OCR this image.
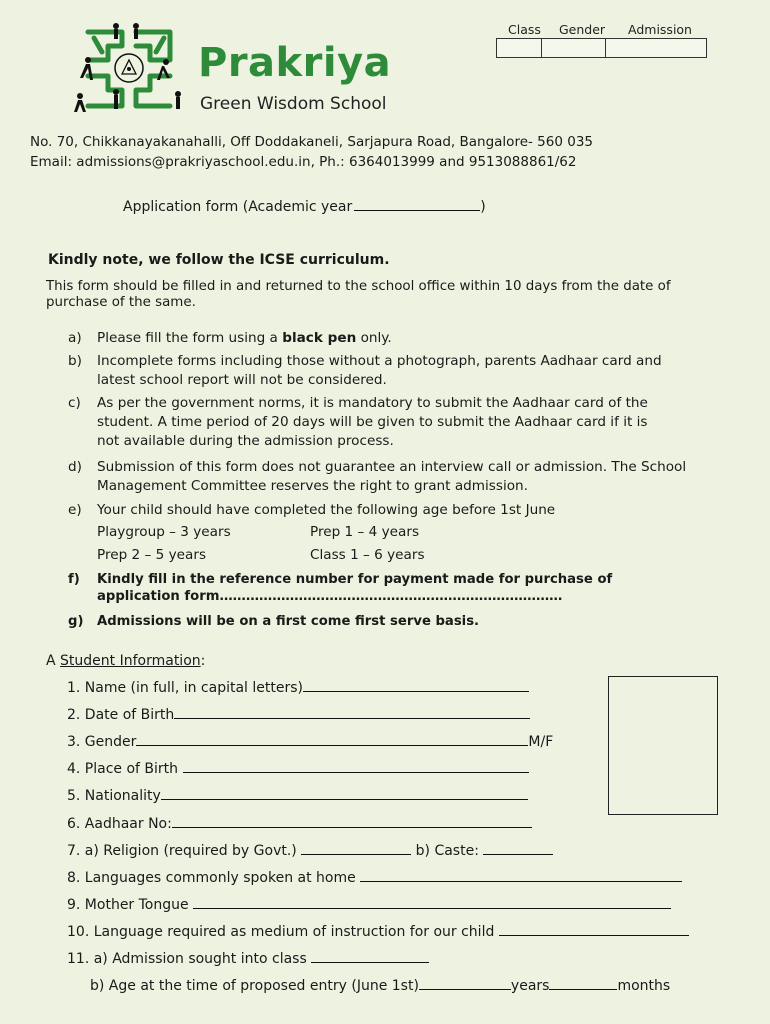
Prakriya
Green Wisdom School
Class Gender Admission
No. 70, Chikkanayakanahalli, Off Doddakaneli, Sarjapura Road, Bangalore- 560 035
Email: admissions@prakriyaschool.edu.in, Ph.: 6364013999 and 9513088861/62
Application form (Academic year	)
Kindly note, we follow the ICSE curriculum.
This form should be filled in and returned to the school office within 10 days from the date of purchase of the same.
a) Please fill the form using a black pen only.
b) Incomplete forms including those without a photograph, parents Aadhaar card and latest school report will not be considered.
c) As per the government norms, it is mandatory to submit the Aadhaar card of the student. A time period of 20 days will be given to submit the Aadhaar card if it is not available during the admission process.
d) Submission of this form does not guarantee an interview call or admission. The School Management Committee reserves the right to grant admission.
e) Your child should have completed the following age before 1st June
Playgroup – 3 years	Prep 1 – 4 years
Prep 2 – 5 years	Class 1 – 6 years
f) Kindly fill in the reference number for payment made for purchase of application form……………………………………………………………………
g) Admissions will be on a first come first serve basis.
A Student Information:
1. Name (in full, in capital letters)
2. Date of Birth
3. Gender	M/F
4. Place of Birth
5. Nationality
6. Aadhaar No:
7. a) Religion (required by Govt.)	b) Caste:
8. Languages commonly spoken at home
9. Mother Tongue
10. Language required as medium of instruction for our child
11. a) Admission sought into class
b) Age at the time of proposed entry (June 1st)	years	months
